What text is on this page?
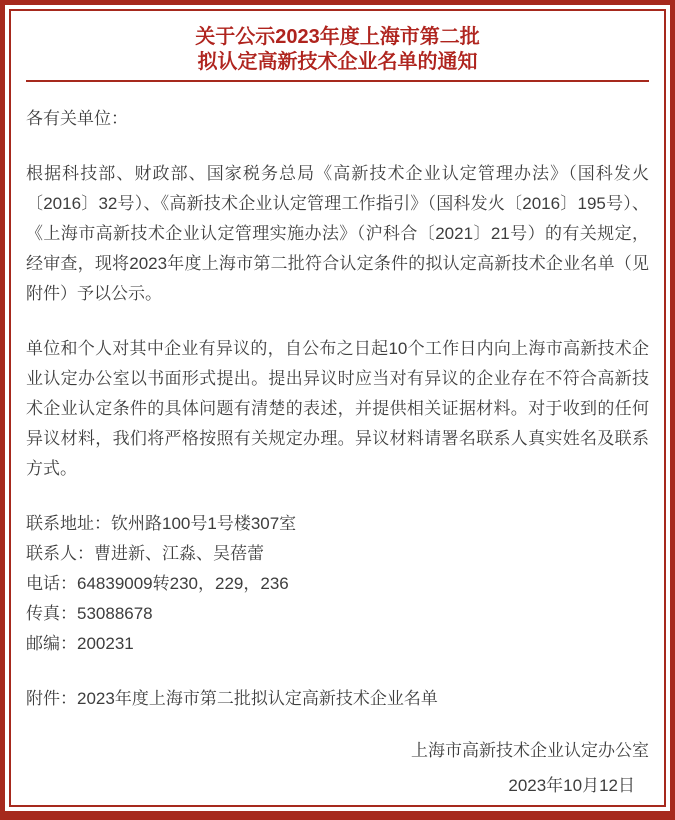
关于公示2023年度上海市第二批
拟认定高新技术企业名单的通知

各有关单位：

根据科技部、财政部、国家税务总局《高新技术企业认定管理办法》（国科发火〔2016〕32号）、《高新技术企业认定管理工作指引》（国科发火〔2016〕195号）、《上海市高新技术企业认定管理实施办法》（沪科合〔2021〕21号）的有关规定，经审查，现将2023年度上海市第二批符合认定条件的拟认定高新技术企业名单（见附件）予以公示。

单位和个人对其中企业有异议的，自公布之日起10个工作日内向上海市高新技术企业认定办公室以书面形式提出。提出异议时应当对有异议的企业存在不符合高新技术企业认定条件的具体问题有清楚的表述，并提供相关证据材料。对于收到的任何异议材料，我们将严格按照有关规定办理。异议材料请署名联系人真实姓名及联系方式。

联系地址：钦州路100号1号楼307室

联系人：曹进新、江淼、吴蓓蕾

电话：64839009转230，229，236

传真：53088678

邮编：200231

附件：2023年度上海市第二批拟认定高新技术企业名单

上海市高新技术企业认定办公室
2023年10月12日
